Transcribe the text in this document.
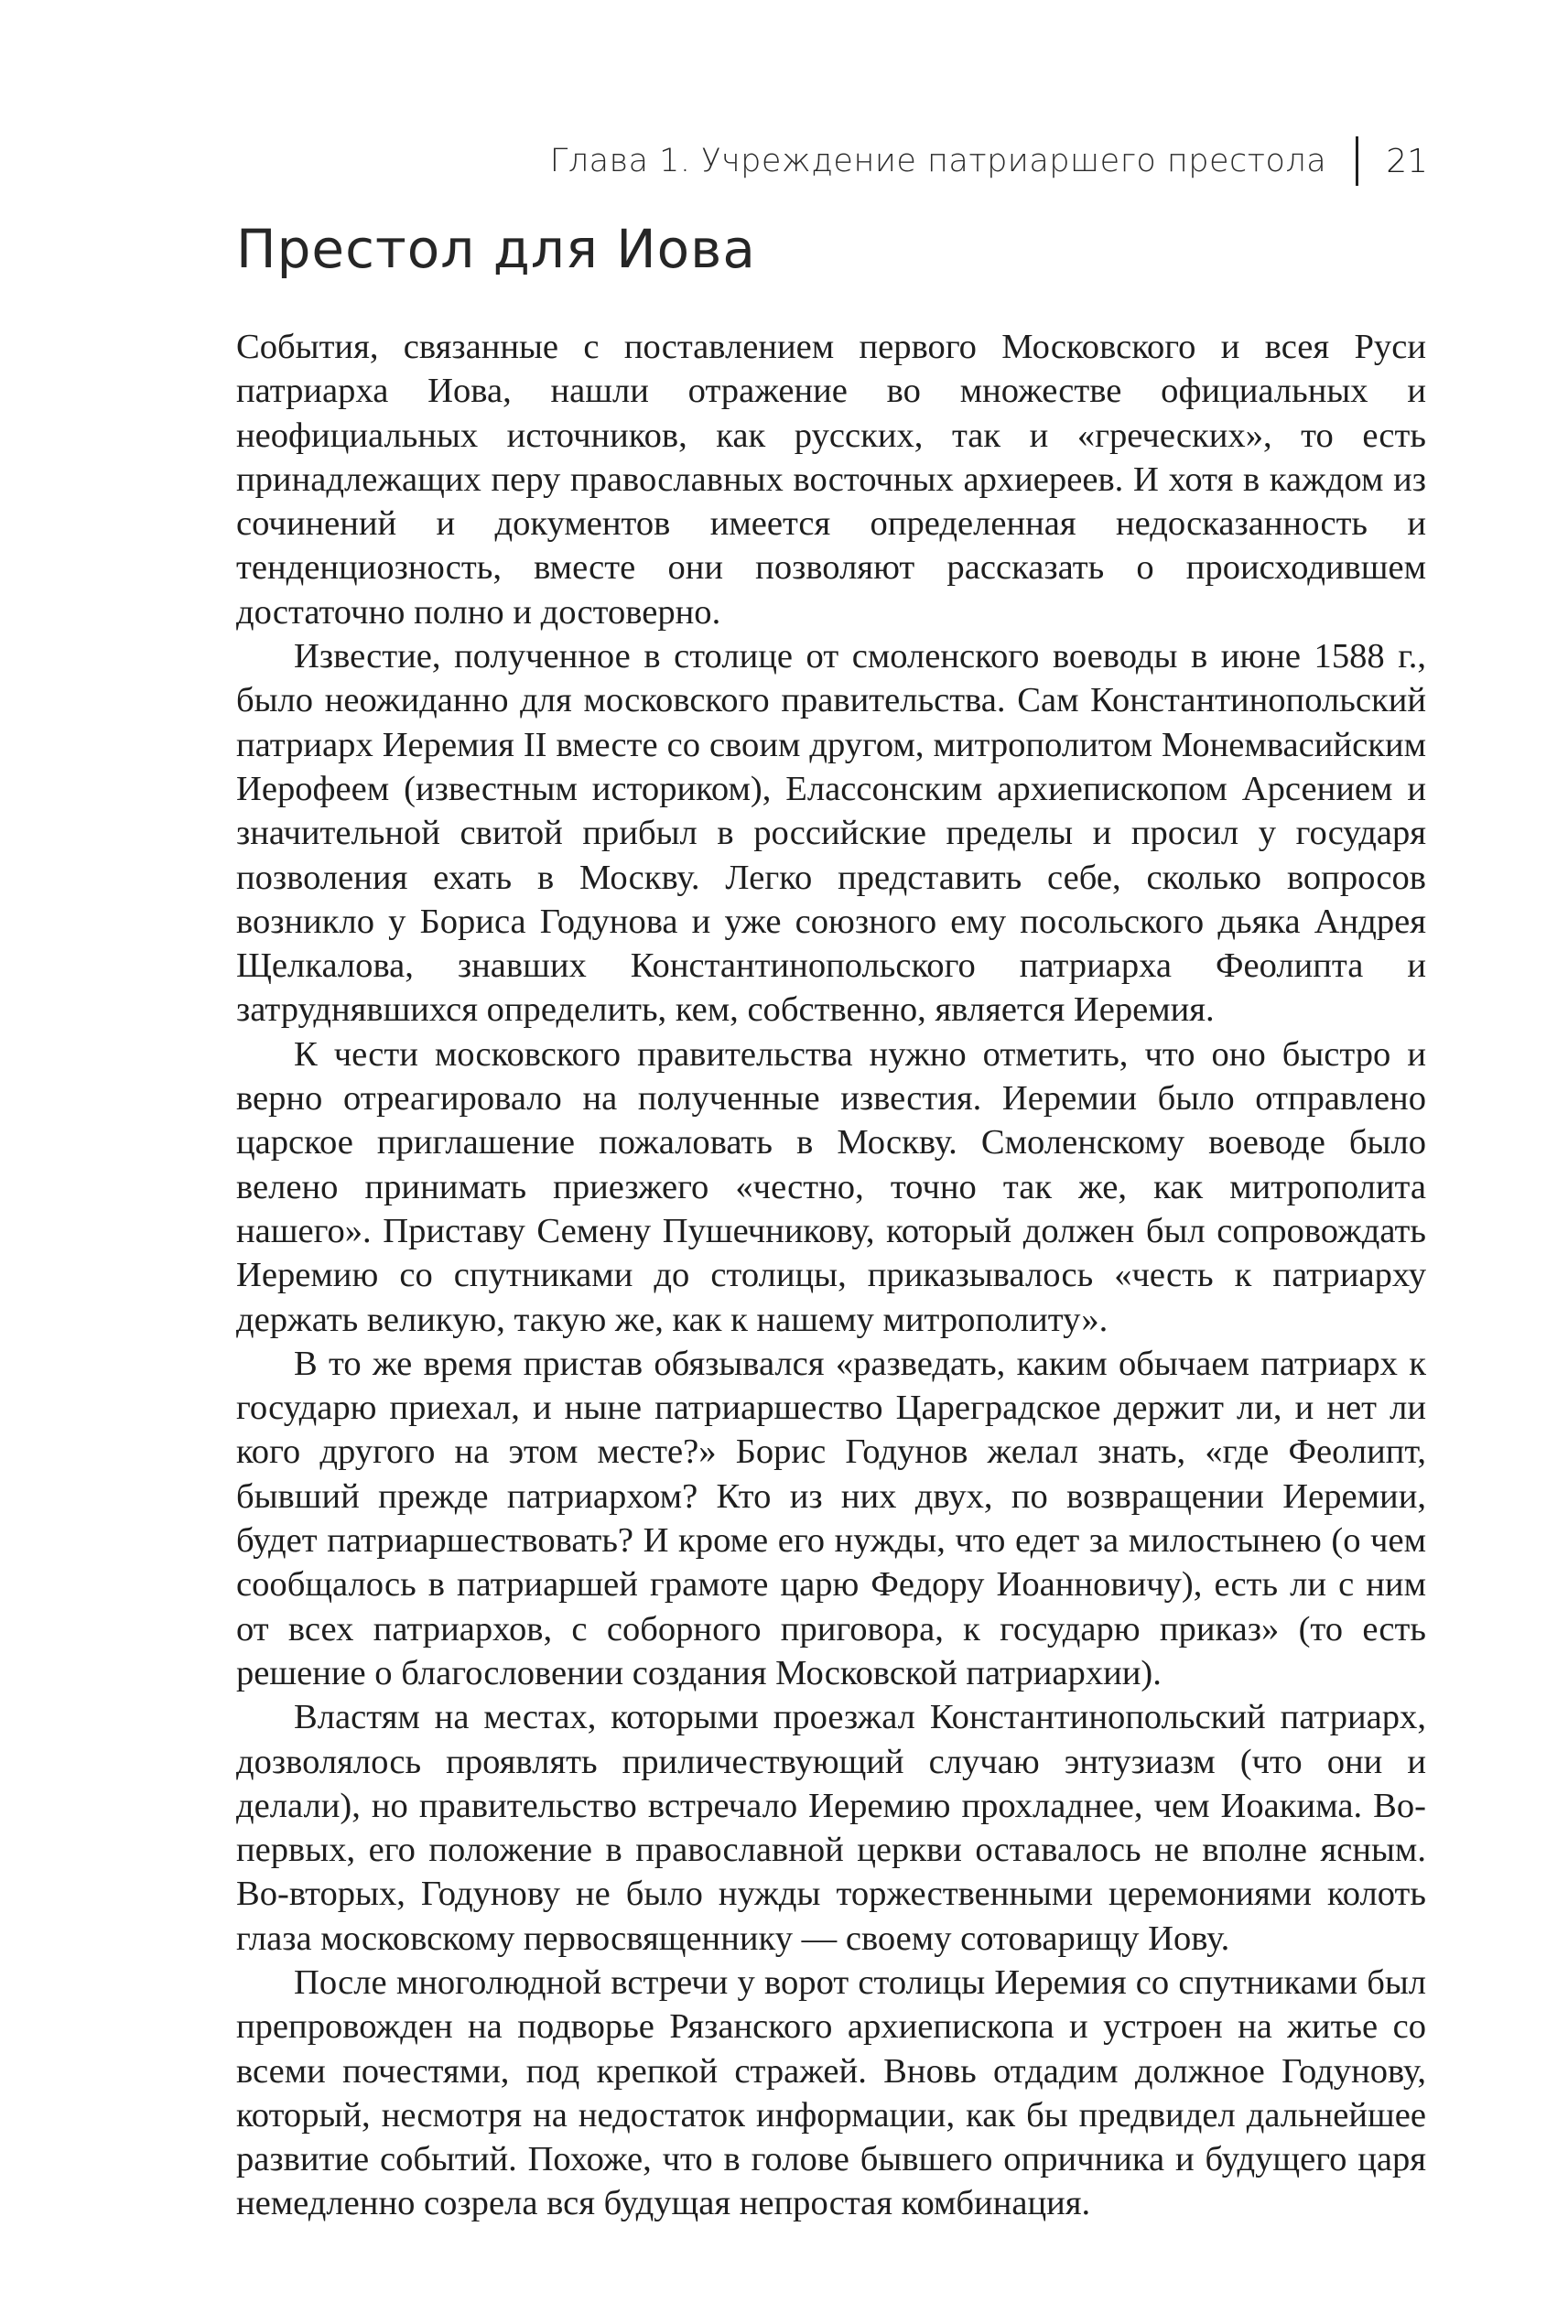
Глава 1. Учреждение патриаршего престола 21
Престол для Иова

События, связанные с поставлением первого Московского и всея Руси патриарха Иова, нашли отражение во множестве официальных и неофициальных источников, как русских, так и «греческих», то есть принадлежащих перу православных восточных архиереев. И хотя в каждом из сочинений и документов имеется определенная недосказанность и тенденциозность, вместе они позволяют рассказать о происходившем достаточно полно и достоверно.

Известие, полученное в столице от смоленского воеводы в июне 1588 г., было неожиданно для московского правительства. Сам Константинопольский патриарх Иеремия II вместе со своим другом, митрополитом Монемвасийским Иерофеем (известным историком), Елассонским архиепископом Арсением и значительной свитой прибыл в российские пределы и просил у государя позволения ехать в Москву. Легко представить себе, сколько вопросов возникло у Бориса Годунова и уже союзного ему посольского дьяка Андрея Щелкалова, знавших Константинопольского патриарха Феолипта и затруднявшихся определить, кем, собственно, является Иеремия.

К чести московского правительства нужно отметить, что оно быстро и верно отреагировало на полученные известия. Иеремии было отправлено царское приглашение пожаловать в Москву. Смоленскому воеводе было велено принимать приезжего «честно, точно так же, как митрополита нашего». Приставу Семену Пушечникову, который должен был сопровождать Иеремию со спутниками до столицы, приказывалось «честь к патриарху держать великую, такую же, как к нашему митрополиту».

В то же время пристав обязывался «разведать, каким обычаем патриарх к государю приехал, и ныне патриаршество Цареградское держит ли, и нет ли кого другого на этом месте?» Борис Годунов желал знать, «где Феолипт, бывший прежде патриархом? Кто из них двух, по возвращении Иеремии, будет патриаршествовать? И кроме его нужды, что едет за милостынею (о чем сообщалось в патриаршей грамоте царю Федору Иоанновичу), есть ли с ним от всех патриархов, с соборного приговора, к государю приказ» (то есть решение о благословении создания Московской патриархии).

Властям на местах, которыми проезжал Константинопольский патриарх, дозволялось проявлять приличествующий случаю энтузиазм (что они и делали), но правительство встречало Иеремию прохладнее, чем Иоакима. Во-первых, его положение в православной церкви оставалось не вполне ясным. Во-вторых, Годунову не было нужды торжественными церемониями колоть глаза московскому первосвященнику — своему сотоварищу Иову.

После многолюдной встречи у ворот столицы Иеремия со спутниками был препровожден на подворье Рязанского архиепископа и устроен на житье со всеми почестями, под крепкой стражей. Вновь отдадим должное Годунову, который, несмотря на недостаток информации, как бы предвидел дальнейшее развитие событий. Похоже, что в голове бывшего опричника и будущего царя немедленно созрела вся будущая непростая комбинация.
